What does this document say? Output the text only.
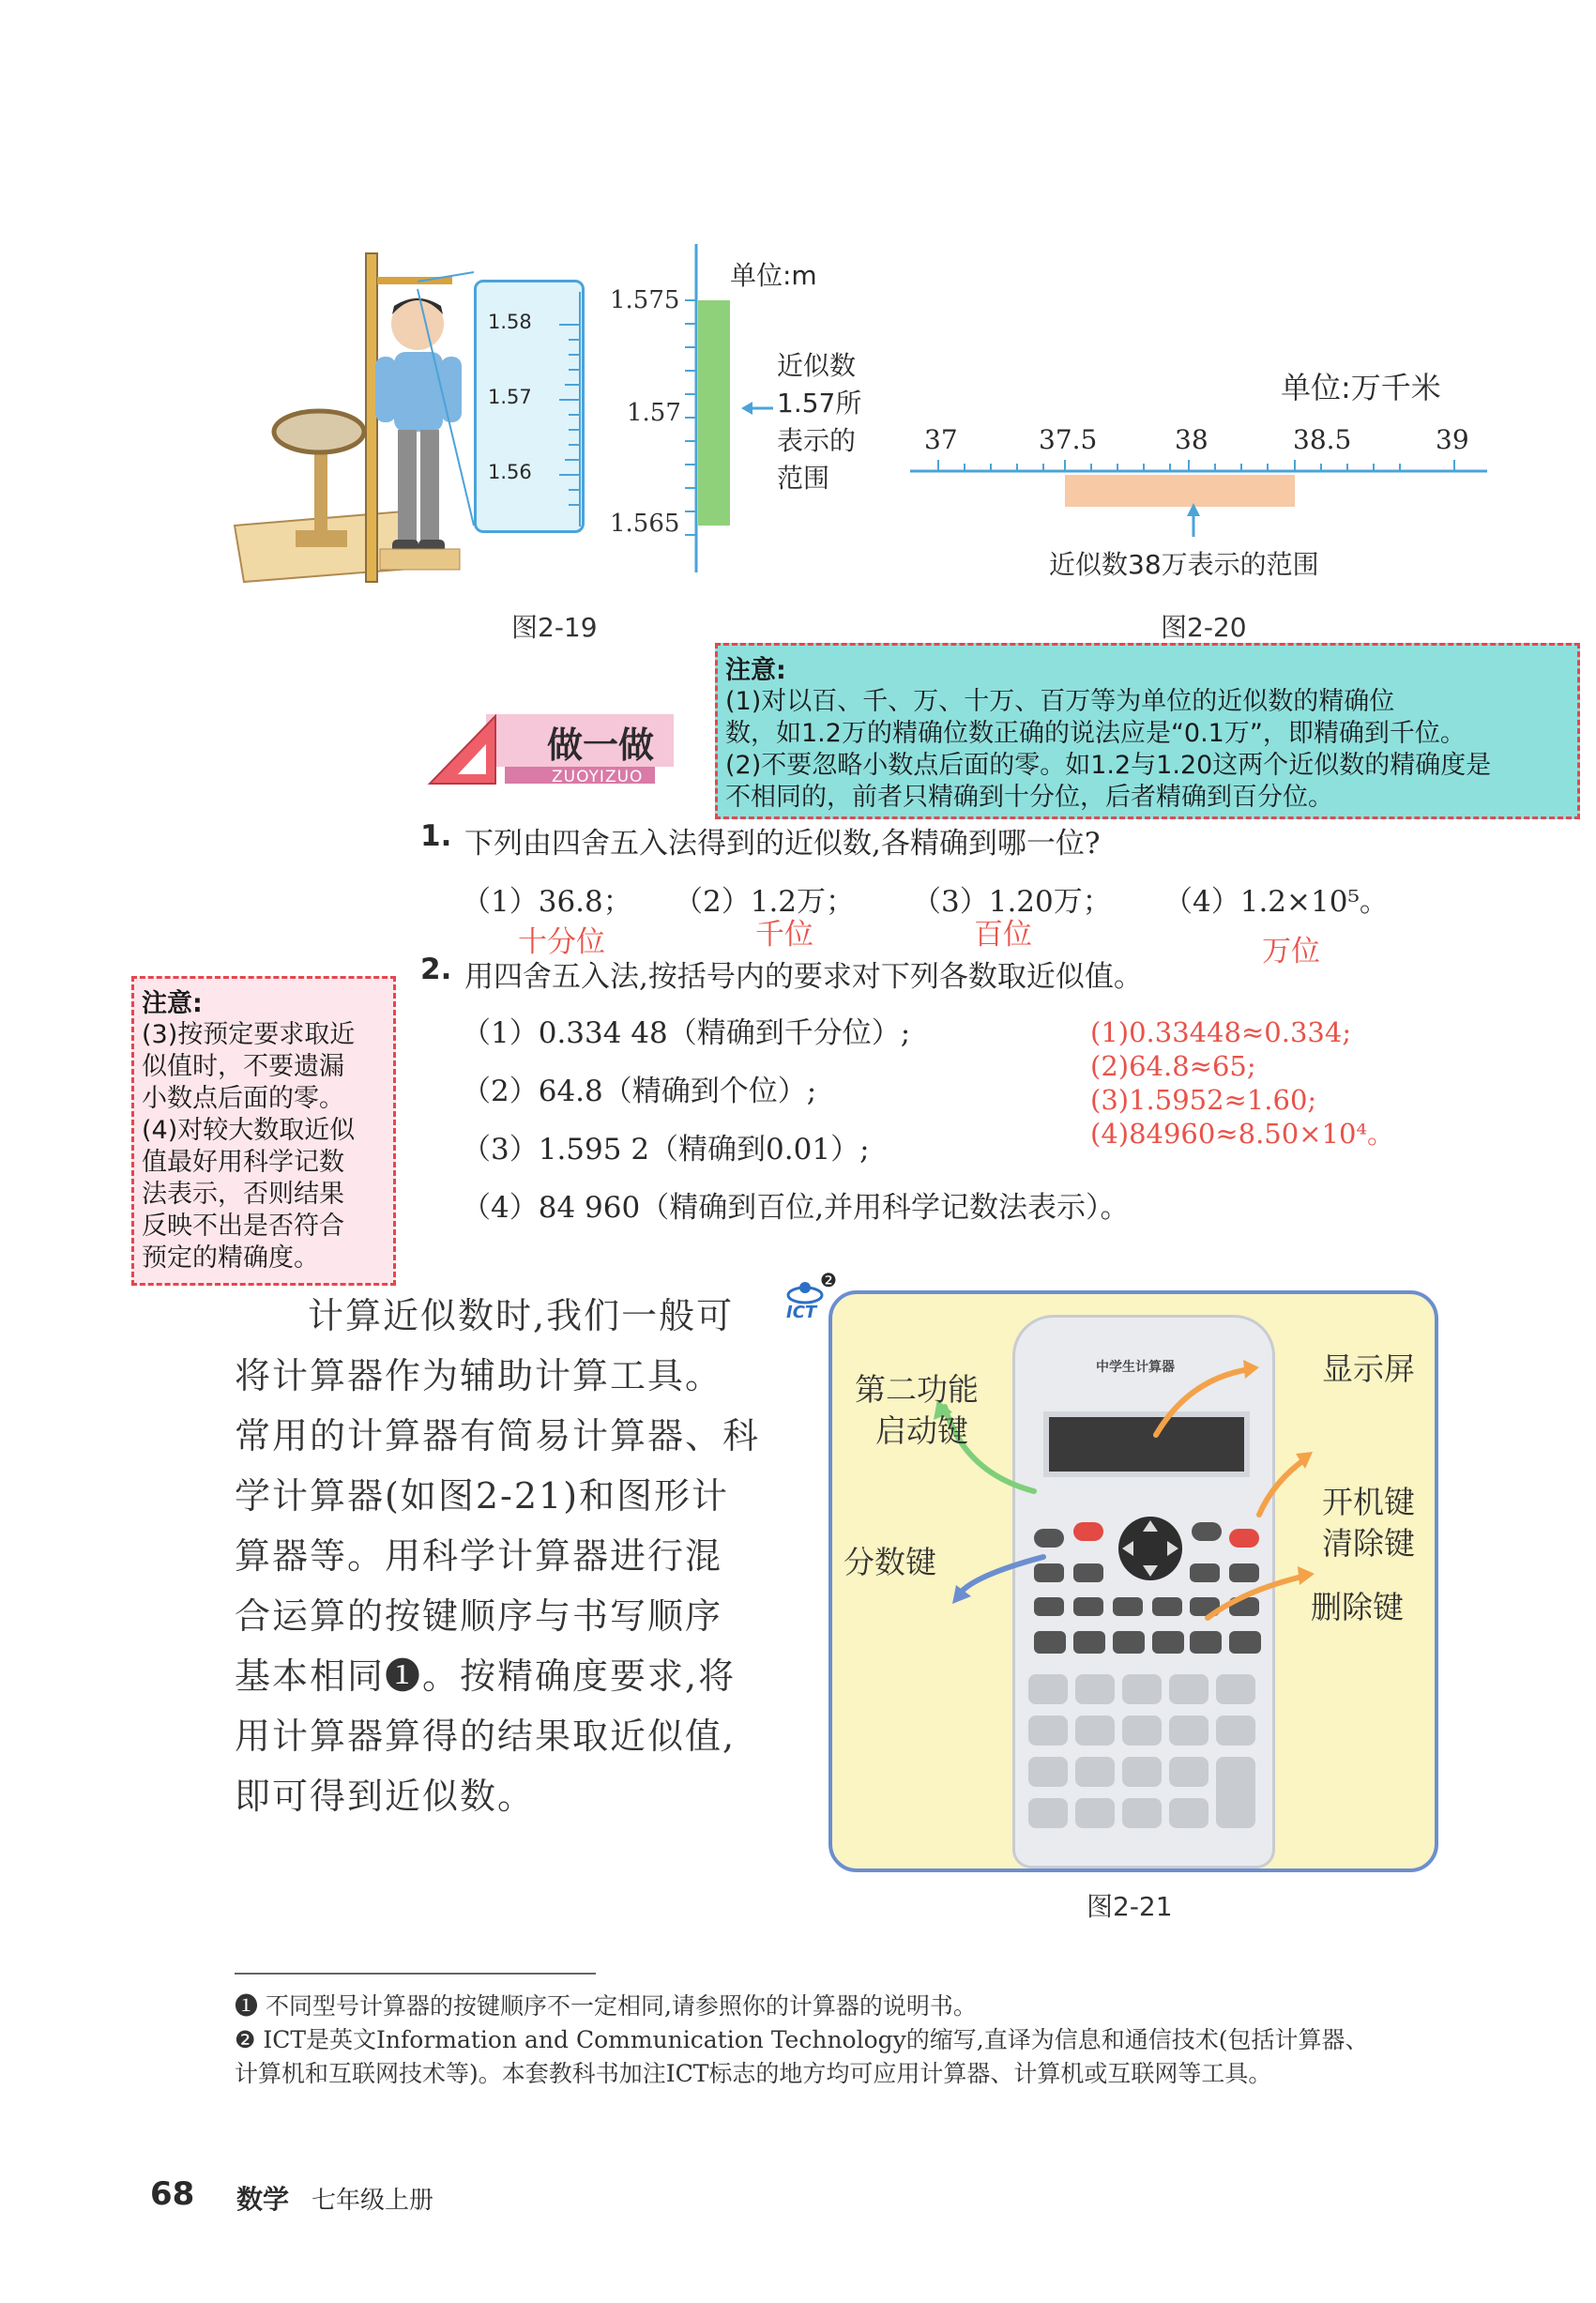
1.58
1.57
1.56
1.575
1.57
1.565
单位:m
近似数
1.57所
表示的
范围
图2-19
单位:万千米
37	37.5	38	38.5	39
近似数38万表示的范围
图2-20
注意:
(1)对以百、千、万、十万、百万等为单位的近似数的精确位
数，如1.2万的精确位数正确的说法应是“0.1万”，即精确到千位。
(2)不要忽略小数点后面的零。如1.2与1.20这两个近似数的精确度是
不相同的，前者只精确到十分位，后者精确到百分位。
做一做
ZUOYIZUO
1. 下列由四舍五入法得到的近似数,各精确到哪一位?
（1）36.8； （2）1.2万； （3）1.20万； （4）1.2×10⁵。
十分位	千位	百位	万位
2. 用四舍五入法,按括号内的要求对下列各数取近似值。
（1）0.334 48（精确到千分位）;
（2）64.8（精确到个位）;
（3）1.595 2（精确到0.01）;
（4）84 960（精确到百位,并用科学记数法表示）。
(1)0.33448≈0.334;
(2)64.8≈65;
(3)1.5952≈1.60;
(4)84960≈8.50×10⁴。
注意:
(3)按预定要求取近
似值时，不要遗漏
小数点后面的零。
(4)对较大数取近似
值最好用科学记数
法表示，否则结果
反映不出是否符合
预定的精确度。
计算近似数时,我们一般可
将计算器作为辅助计算工具。
常用的计算器有简易计算器、科
学计算器(如图2-21)和图形计
算器等。用科学计算器进行混
合运算的按键顺序与书写顺序
基本相同❶。按精确度要求,将
用计算器算得的结果取近似值,
即可得到近似数。
ICT
❷
中学生计算器
第二功能
启动键
显示屏
开机键
清除键
分数键
删除键
图2-21
❶ 不同型号计算器的按键顺序不一定相同,请参照你的计算器的说明书。
❷ ICT是英文Information and Communication Technology的缩写,直译为信息和通信技术(包括计算器、
计算机和互联网技术等)。本套教科书加注ICT标志的地方均可应用计算器、计算机或互联网等工具。
68 数学 七年级上册
